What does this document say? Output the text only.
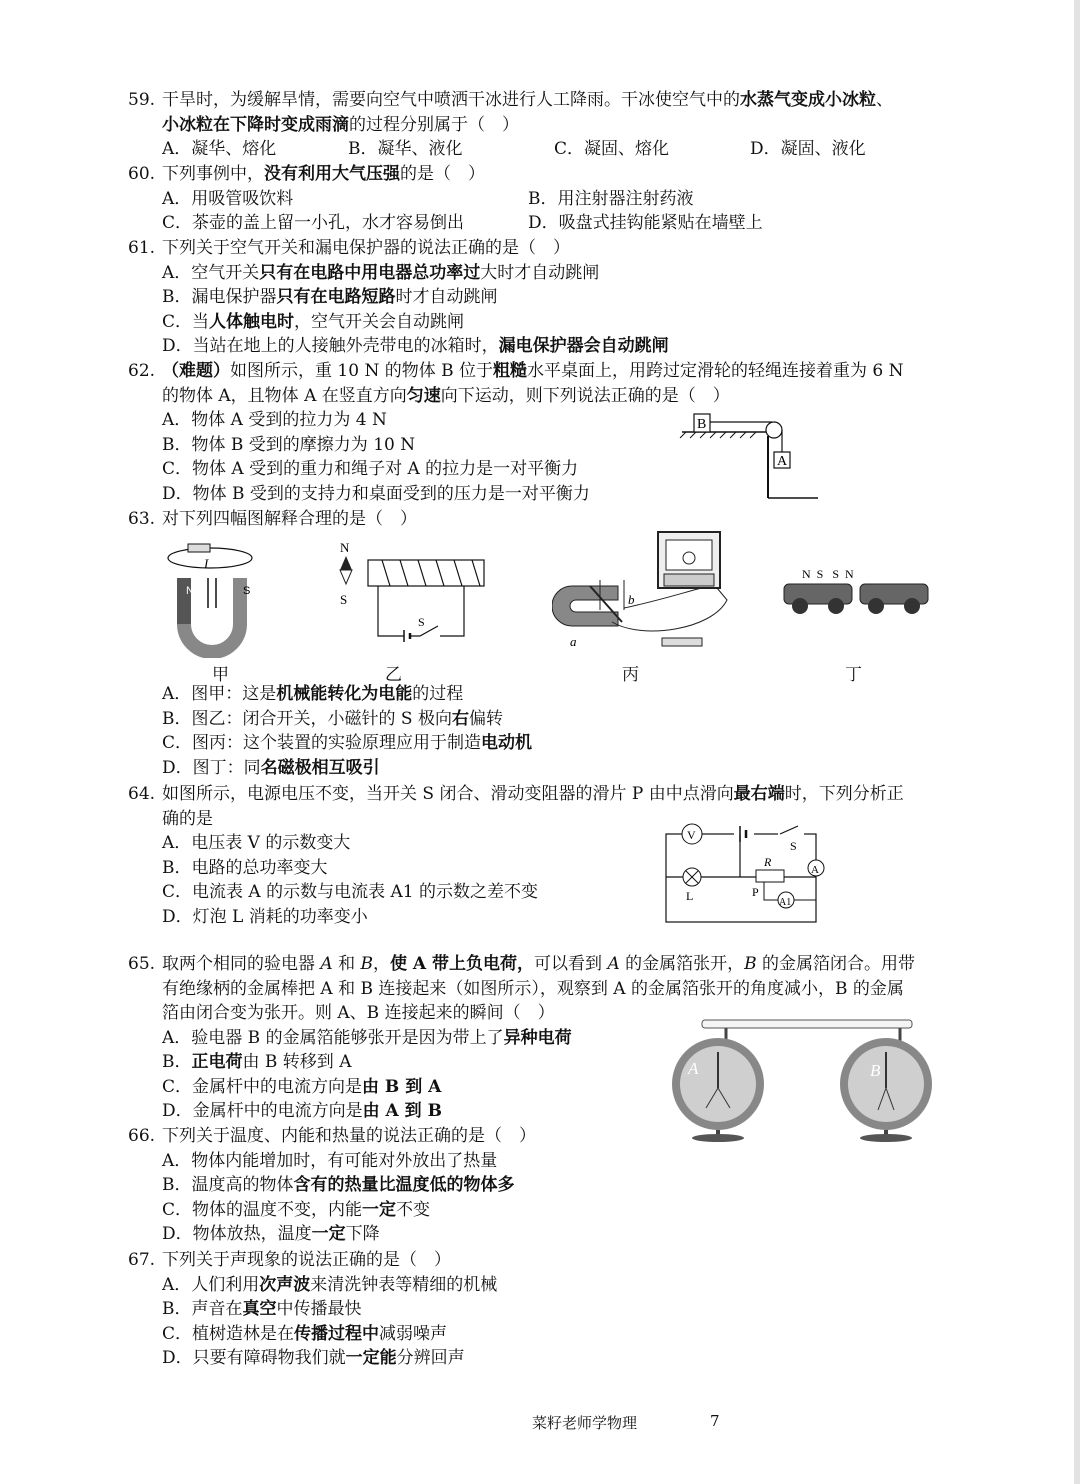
59. 干旱时，为缓解旱情，需要向空气中喷洒干冰进行人工降雨。干冰使空气中的水蒸气变成小冰粒、
小冰粒在下降时变成雨滴的过程分别属于（　）
A．凝华、熔化	B．凝华、液化	C．凝固、熔化	D．凝固、液化
60. 下列事例中，没有利用大气压强的是（　）
A．用吸管吸饮料	B．用注射器注射药液
C．茶壶的盖上留一小孔，水才容易倒出	D．吸盘式挂钩能紧贴在墙壁上
61. 下列关于空气开关和漏电保护器的说法正确的是（　）
A．空气开关只有在电路中用电器总功率过大时才自动跳闸
B．漏电保护器只有在电路短路时才自动跳闸
C．当人体触电时，空气开关会自动跳闸
D．当站在地上的人接触外壳带电的冰箱时，漏电保护器会自动跳闸
62. （难题）如图所示，重 10 N 的物体 B 位于粗糙水平桌面上，用跨过定滑轮的轻绳连接着重为 6 N
的物体 A，且物体 A 在竖直方向匀速向下运动，则下列说法正确的是（　）
A．物体 A 受到的拉力为 4 N
B．物体 B 受到的摩擦力为 10 N
C．物体 A 受到的重力和绳子对 A 的拉力是一对平衡力
D．物体 B 受到的支持力和桌面受到的压力是一对平衡力
B
A
63. 对下列四幅图解释合理的是（　）
I
N	S
甲
N
S
S
乙
a
b
丙
N  S   S  N
丁
A．图甲：这是机械能转化为电能的过程
B．图乙：闭合开关，小磁针的 S 极向右偏转
C．图丙：这个装置的实验原理应用于制造电动机
D．图丁：同名磁极相互吸引
64. 如图所示，电源电压不变，当开关 S 闭合、滑动变阻器的滑片 P 由中点滑向最右端时，下列分析正
确的是
A．电压表 V 的示数变大
B．电路的总功率变大
C．电流表 A 的示数与电流表 A1 的示数之差不变
D．灯泡 L 消耗的功率变小
V
S
A
L
R
P
A1
65. 取两个相同的验电器 A 和 B，使 A 带上负电荷，可以看到 A 的金属箔张开，B 的金属箔闭合。用带
有绝缘柄的金属棒把 A 和 B 连接起来（如图所示），观察到 A 的金属箔张开的角度减小，B 的金属
箔由闭合变为张开。则 A、B 连接起来的瞬间（　）
A．验电器 B 的金属箔能够张开是因为带上了异种电荷
B．正电荷由 B 转移到 A
C．金属杆中的电流方向是由 B 到 A
D．金属杆中的电流方向是由 A 到 B
A	B
66. 下列关于温度、内能和热量的说法正确的是（　）
A．物体内能增加时，有可能对外放出了热量
B．温度高的物体含有的热量比温度低的物体多
C．物体的温度不变，内能一定不变
D．物体放热，温度一定下降
67. 下列关于声现象的说法正确的是（　）
A．人们利用次声波来清洗钟表等精细的机械
B．声音在真空中传播最快
C．植树造林是在传播过程中减弱噪声
D．只要有障碍物我们就一定能分辨回声
菜籽老师学物理	7
